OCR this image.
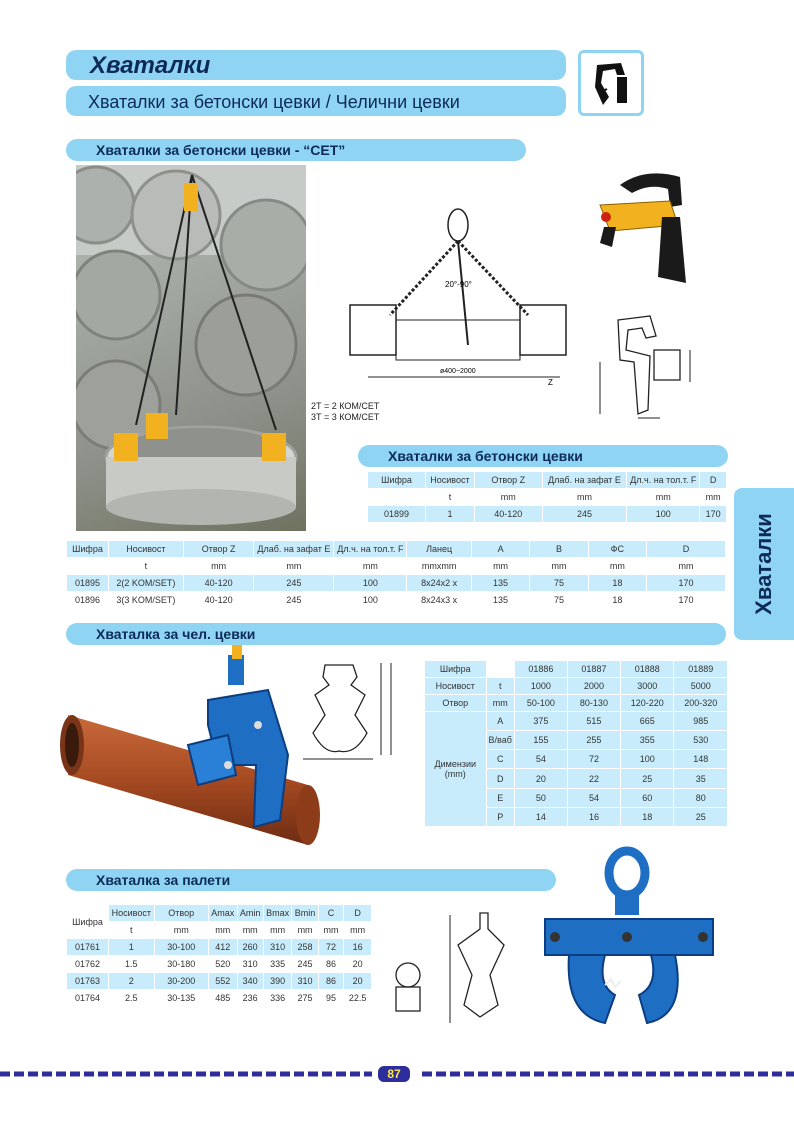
Хваталки
Хваталки за бетонски цевки / Челични цевки
Хваталки за бетонски цевки - “СЕТ”
20°-90°
ø400~2000
Z
2Т = 2 КОМ/СЕТ
3Т = 3 КОМ/СЕТ
Хваталки за бетонски цевки
Шифра	Носивост	Отвор Z	Длаб. на зафат E	Дл.ч. на тол.т. F	D
	t	mm	mm	mm	mm
01899	1	40-120	245	100	170 Хваталки
Шифра	Носивост	Отвор Z	Длаб. на зафат E	Дл.ч. на тол.т. F	Ланец	A	B	ФС	D
	t	mm	mm	mm	mmxmm	mm	mm	mm	mm
01895	2(2 KOM/SET)	40-120	245	100	8x24x2 x	135	75	18	170
01896	3(3 KOM/SET)	40-120	245	100	8x24x3 x	135	75	18	170
Хваталка за чел. цевки
Шифра		01886	01887	01888	01889
Носивост	t	1000	2000	3000	5000
Отвор	mm	50-100	80-130	120-220	200-320

Димензии
(mm)	A	375	515	665	985
	B/ваб	155	255	355	530
	C	54	72	100	148
	D	20	22	25	35
	E	50	54	60	80
	P	14	16	18	25
Хваталка за палети
Шифра	Носивост	Отвор	Аmax	Аmin	Bmax	Bmin	C	D
	t	mm	mm	mm	mm	mm	mm	mm
01761	1	30-100	412	260	310	258	72	16
01762	1.5	30-180	520	310	335	245	86	20
01763	2	30-200	552	340	390	310	86	20
01764	2.5	30-135	485	236	336	275	95	22.5
87
